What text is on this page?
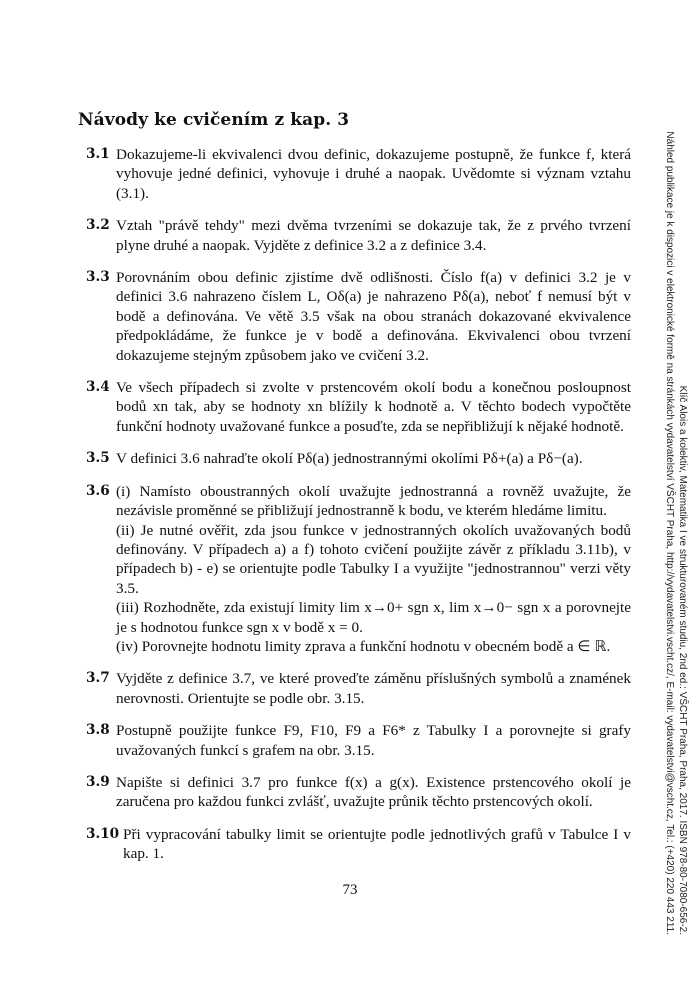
Návody ke cvičením z kap. 3
3.1 Dokazujeme-li ekvivalenci dvou definic, dokazujeme postupně, že funkce f, která vyhovuje jedné definici, vyhovuje i druhé a naopak. Uvědomte si význam vztahu (3.1).
3.2 Vztah "právě tehdy" mezi dvěma tvrzeními se dokazuje tak, že z prvého tvrzení plyne druhé a naopak. Vyjděte z definice 3.2 a z definice 3.4.
3.3 Porovnáním obou definic zjistíme dvě odlišnosti. Číslo f(a) v definici 3.2 je v definici 3.6 nahrazeno číslem L, Oδ(a) je nahrazeno Pδ(a), neboť f nemusí být v bodě a definována. Ve větě 3.5 však na obou stranách dokazované ekvivalence předpokládáme, že funkce je v bodě a definována. Ekvivalenci obou tvrzení dokazujeme stejným způsobem jako ve cvičení 3.2.
3.4 Ve všech případech si zvolte v prstencovém okolí bodu a konečnou posloupnost bodů xn tak, aby se hodnoty xn blížily k hodnotě a. V těchto bodech vypočtěte funkční hodnoty uvažované funkce a posuďte, zda se nepřibližují k nějaké hodnotě.
3.5 V definici 3.6 nahraďte okolí Pδ(a) jednostrannými okolími Pδ+(a) a Pδ−(a).
3.6 (i) Namísto oboustranných okolí uvažujte jednostranná a rovněž uvažujte, že nezávisle proměnné se přibližují jednostranně k bodu, ve kterém hledáme limitu.
(ii) Je nutné ověřit, zda jsou funkce v jednostranných okolích uvažovaných bodů definovány. V případech a) a f) tohoto cvičení použijte závěr z příkladu 3.11b), v případech b) - e) se orientujte podle Tabulky I a využijte "jednostrannou" verzi věty 3.5.
(iii) Rozhodněte, zda existují limity lim x→0+ sgn x, lim x→0− sgn x a porovnejte je s hodnotou funkce sgn x v bodě x = 0.
(iv) Porovnejte hodnotu limity zprava a funkční hodnotu v obecném bodě a ∈ ℝ.
3.7 Vyjděte z definice 3.7, ve které proveďte záměnu příslušných symbolů a znamének nerovnosti. Orientujte se podle obr. 3.15.
3.8 Postupně použijte funkce F9, F10, F9 a F6* z Tabulky I a porovnejte si grafy uvažovaných funkcí s grafem na obr. 3.15.
3.9 Napište si definici 3.7 pro funkce f(x) a g(x). Existence prstencového okolí je zaručena pro každou funkci zvlášť, uvažujte průnik těchto prstencových okolí.
3.10 Při vypracování tabulky limit se orientujte podle jednotlivých grafů v Tabulce I v kap. 1.
73	Klíč Alois a kolektiv, Matematika I ve strukturovaném studiu, 2nd ed.: VŠCHT Praha, Praha, 2017. ISBN 978-80-7080-656-2.
Náhled publikace je k dispozici v elektronické formě na stránkách vydavatelství VŠCHT Praha, http://vydavatelstvi.vscht.cz/, E-mail: vydavatelstvi@vscht.cz, Tel.: (+420) 220 443 211.
